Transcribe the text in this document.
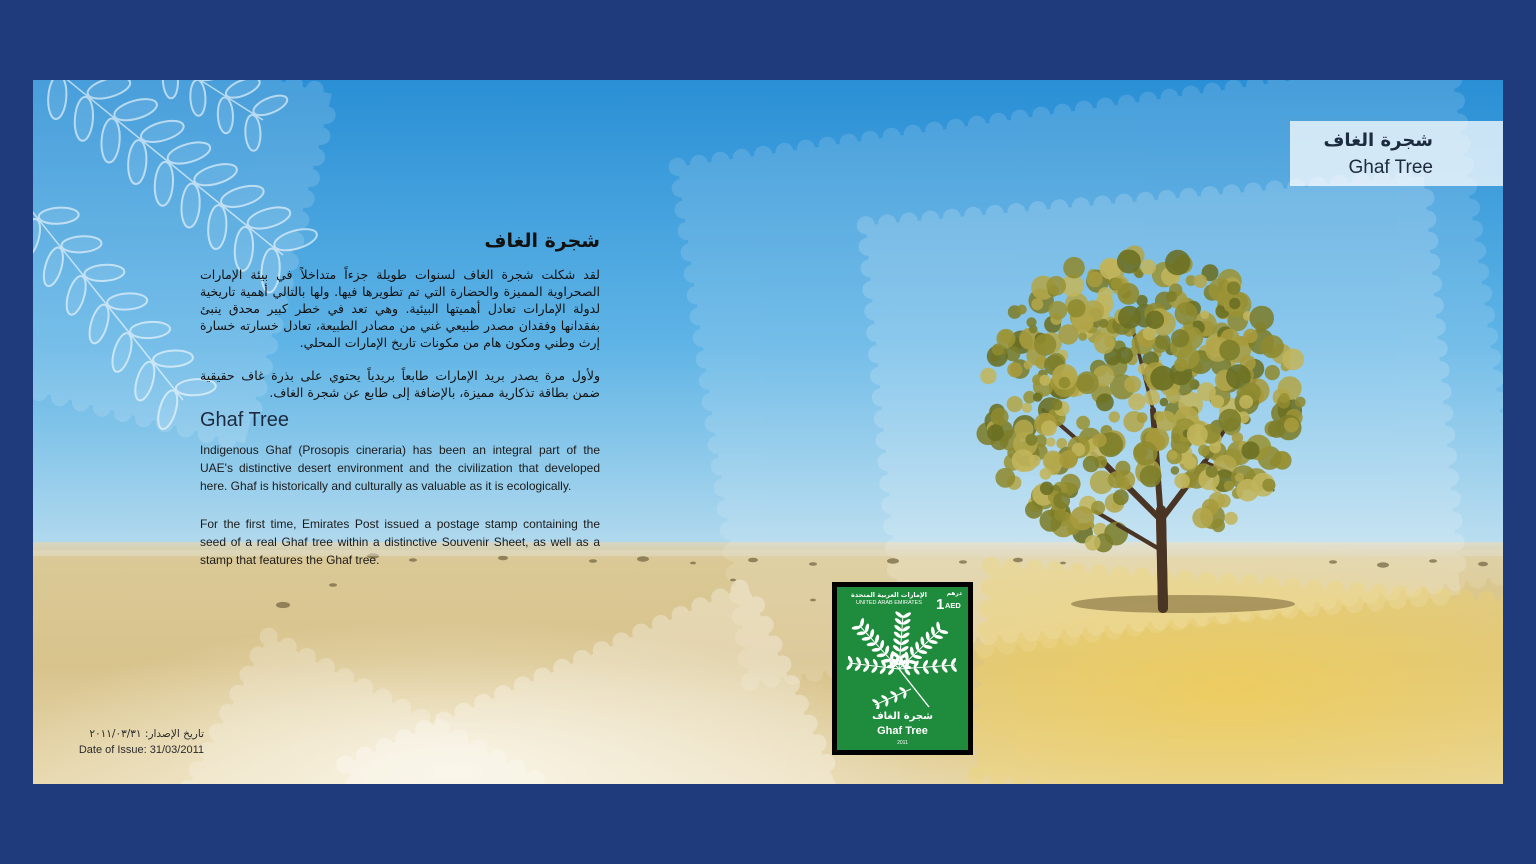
شجرة الغاف
Ghaf Tree
شجرة الغاف

لقد شكلت شجرة الغاف لسنوات طويلة جزءاً متداخلاً في بيئة الإمارات الصحراوية المميزة والحضارة التي تم تطويرها فيها. ولها بالتالي أهمية تاريخية لدولة الإمارات تعادل أهميتها البيئية. وهي تعد في خطر كبير محدق ينبئ بفقدانها وفقدان مصدر طبيعي غني من مصادر الطبيعة، تعادل خسارته خسارة إرث وطني ومكون هام من مكونات تاريخ الإمارات المحلي.

ولأول مرة يصدر بريد الإمارات طابعاً بريدياً يحتوي على بذرة غاف حقيقية ضمن بطاقة تذكارية مميزة، بالإضافة إلى طابع عن شجرة الغاف.

Ghaf Tree

Indigenous Ghaf (Prosopis cineraria) has been an integral part of the UAE's distinctive desert environment and the civilization that developed here. Ghaf is historically and culturally as valuable as it is ecologically.

For the first time, Emirates Post issued a postage stamp containing the seed of a real Ghaf tree within a distinctive Souvenir Sheet, as well as a stamp that features the Ghaf tree.

تاريخ الإصدار: ٢٠١١/٠٣/٣١
Date of Issue: 31/03/2011
الإمارات العربية المتحدة
UNITED ARAB EMIRATES
درهم
1 AED
شجرة الغاف
Ghaf Tree
2011
